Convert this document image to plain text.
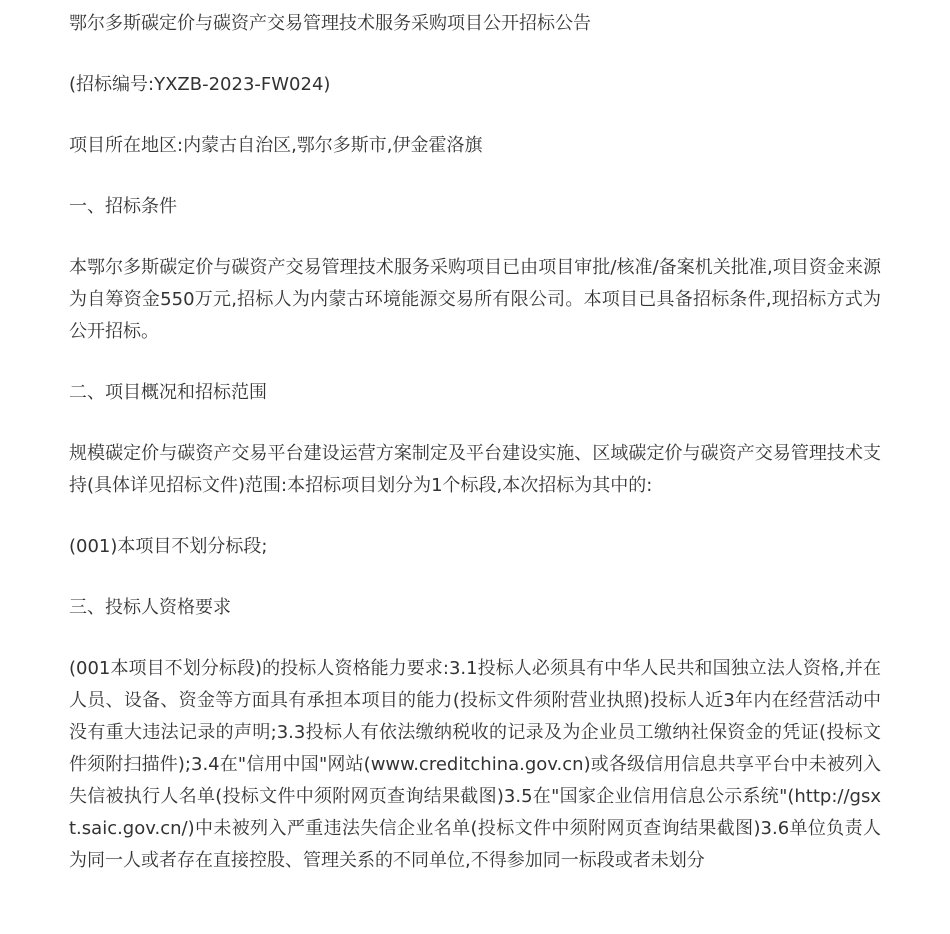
鄂尔多斯碳定价与碳资产交易管理技术服务采购项目公开招标公告

(招标编号:YXZB-2023-FW024)

项目所在地区:内蒙古自治区,鄂尔多斯市,伊金霍洛旗

一、招标条件

本鄂尔多斯碳定价与碳资产交易管理技术服务采购项目已由项目审批/核准/备案机关批准,项目资金来源为自筹资金550万元,招标人为内蒙古环境能源交易所有限公司。本项目已具备招标条件,现招标方式为公开招标。

二、项目概况和招标范围

规模碳定价与碳资产交易平台建设运营方案制定及平台建设实施、区域碳定价与碳资产交易管理技术支持(具体详见招标文件)范围:本招标项目划分为1个标段,本次招标为其中的:

(001)本项目不划分标段;

三、投标人资格要求

(001本项目不划分标段)的投标人资格能力要求:3.1投标人必须具有中华人民共和国独立法人资格,并在人员、设备、资金等方面具有承担本项目的能力(投标文件须附营业执照)投标人近3年内在经营活动中没有重大违法记录的声明;3.3投标人有依法缴纳税收的记录及为企业员工缴纳社保资金的凭证(投标文件须附扫描件);3.4在"信用中国"网站(www.creditchina.gov.cn)或各级信用信息共享平台中未被列入失信被执行人名单(投标文件中须附网页查询结果截图)3.5在"国家企业信用信息公示系统"(http://gsxt.saic.gov.cn/)中未被列入严重违法失信企业名单(投标文件中须附网页查询结果截图)3.6单位负责人为同一人或者存在直接控股、管理关系的不同单位,不得参加同一标段或者未划分
